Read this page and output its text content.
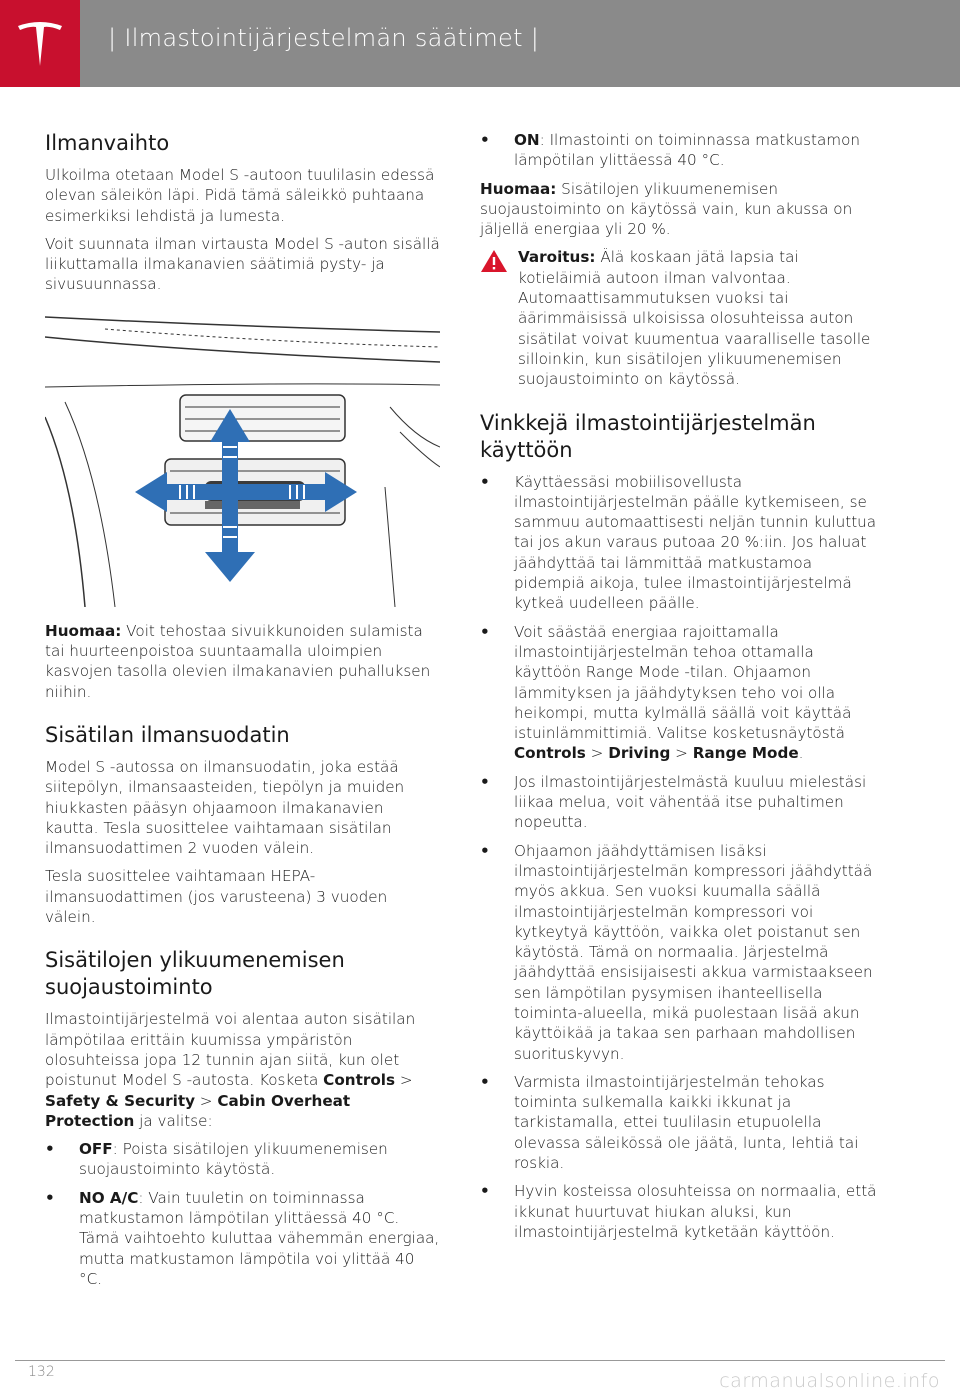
| Ilmastointijärjestelmän säätimet |
Ilmanvaihto

Ulkoilma otetaan Model S -autoon tuulilasin edessä olevan säleikön läpi. Pidä tämä säleikkö puhtaana esimerkiksi lehdistä ja lumesta.

Voit suunnata ilman virtausta Model S -auton sisällä liikuttamalla ilmakanavien säätimiä pysty- ja sivusuunnassa.

Huomaa: Voit tehostaa sivuikkunoiden sulamista tai huurteenpoistoa suuntaamalla uloimpien kasvojen tasolla olevien ilmakanavien puhalluksen niihin.

Sisätilan ilmansuodatin

Model S -autossa on ilmansuodatin, joka estää siitepölyn, ilmansaasteiden, tiepölyn ja muiden hiukkasten pääsyn ohjaamoon ilmakanavien kautta. Tesla suosittelee vaihtamaan sisätilan ilmansuodattimen 2 vuoden välein.

Tesla suosittelee vaihtamaan HEPA-ilmansuodattimen (jos varusteena) 3 vuoden välein.

Sisätilojen ylikuumenemisen suojaustoiminto

Ilmastointijärjestelmä voi alentaa auton sisätilan lämpötilaa erittäin kuumissa ympäristön olosuhteissa jopa 12 tunnin ajan siitä, kun olet poistunut Model S -autosta. Kosketa Controls > Safety & Security > Cabin Overheat Protection ja valitse:

• OFF: Poista sisätilojen ylikuumenemisen suojaustoiminto käytöstä.
• NO A/C: Vain tuuletin on toiminnassa matkustamon lämpötilan ylittäessä 40 °C. Tämä vaihtoehto kuluttaa vähemmän energiaa, mutta matkustamon lämpötila voi ylittää 40 °C.
• ON: Ilmastointi on toiminnassa matkustamon lämpötilan ylittäessä 40 °C.

Huomaa: Sisätilojen ylikuumenemisen suojaustoiminto on käytössä vain, kun akussa on jäljellä energiaa yli 20 %.

Varoitus: Älä koskaan jätä lapsia tai kotieläimiä autoon ilman valvontaa. Automaattisammutuksen vuoksi tai äärimmäisissä ulkoisissa olosuhteissa auton sisätilat voivat kuumentua vaaralliselle tasolle silloinkin, kun sisätilojen ylikuumenemisen suojaustoiminto on käytössä.

Vinkkejä ilmastointijärjestelmän käyttöön
• Käyttäessäsi mobiilisovellusta ilmastointijärjestelmän päälle kytkemiseen, se sammuu automaattisesti neljän tunnin kuluttua tai jos akun varaus putoaa 20 %:iin. Jos haluat jäähdyttää tai lämmittää matkustamoa pidempiä aikoja, tulee ilmastointijärjestelmä kytkeä uudelleen päälle.
• Voit säästää energiaa rajoittamalla ilmastointijärjestelmän tehoa ottamalla käyttöön Range Mode -tilan. Ohjaamon lämmityksen ja jäähdytyksen teho voi olla heikompi, mutta kylmällä säällä voit käyttää istuinlämmittimiä. Valitse kosketusnäytöstä Controls > Driving > Range Mode.
• Jos ilmastointijärjestelmästä kuuluu mielestäsi liikaa melua, voit vähentää itse puhaltimen nopeutta.
• Ohjaamon jäähdyttämisen lisäksi ilmastointijärjestelmän kompressori jäähdyttää myös akkua. Sen vuoksi kuumalla säällä ilmastointijärjestelmän kompressori voi kytkeytyä käyttöön, vaikka olet poistanut sen käytöstä. Tämä on normaalia. Järjestelmä jäähdyttää ensisijaisesti akkua varmistaakseen sen lämpötilan pysymisen ihanteellisella toiminta-alueella, mikä puolestaan lisää akun käyttöikää ja takaa sen parhaan mahdollisen suorituskyvyn.
• Varmista ilmastointijärjestelmän tehokas toiminta sulkemalla kaikki ikkunat ja tarkistamalla, ettei tuulilasin etupuolella olevassa säleikössä ole jäätä, lunta, lehtiä tai roskia.
• Hyvin kosteissa olosuhteissa on normaalia, että ikkunat huurtuvat hiukan aluksi, kun ilmastointijärjestelmä kytketään käyttöön.
132	carmanualsonline.info
